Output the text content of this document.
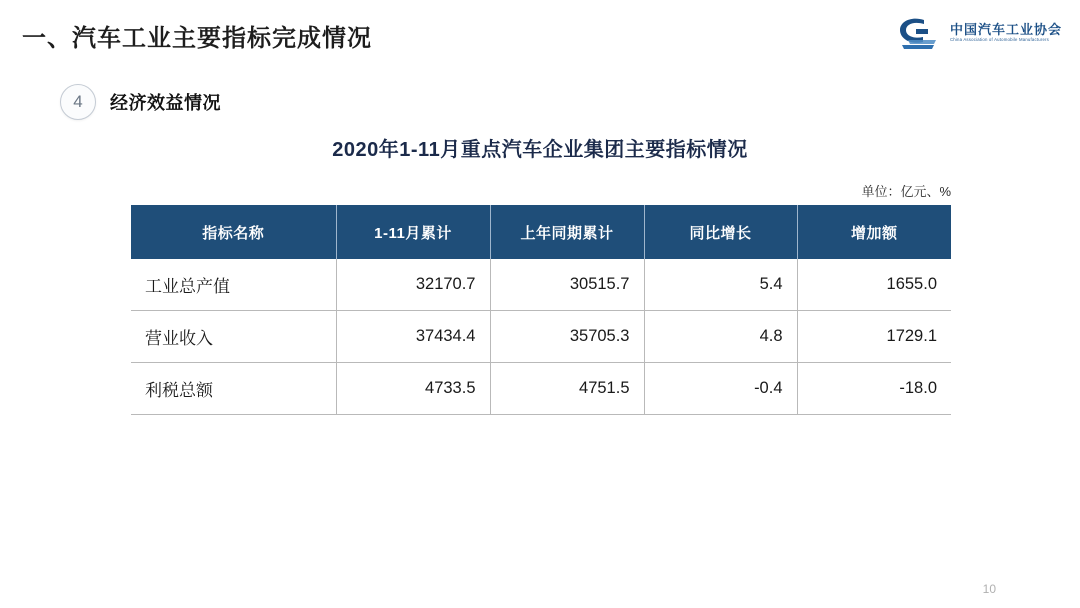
一、汽车工业主要指标完成情况	中国汽车工业协会
China Association of Automobile Manufacturers
4	经济效益情况
2020年1-11月重点汽车企业集团主要指标情况
单位：亿元、%
指标名称	1-11月累计	上年同期累计	同比增长	增加额
工业总产值	32170.7	30515.7	5.4	1655.0
营业收入	37434.4	35705.3	4.8	1729.1
利税总额	4733.5	4751.5	-0.4	-18.0
10
